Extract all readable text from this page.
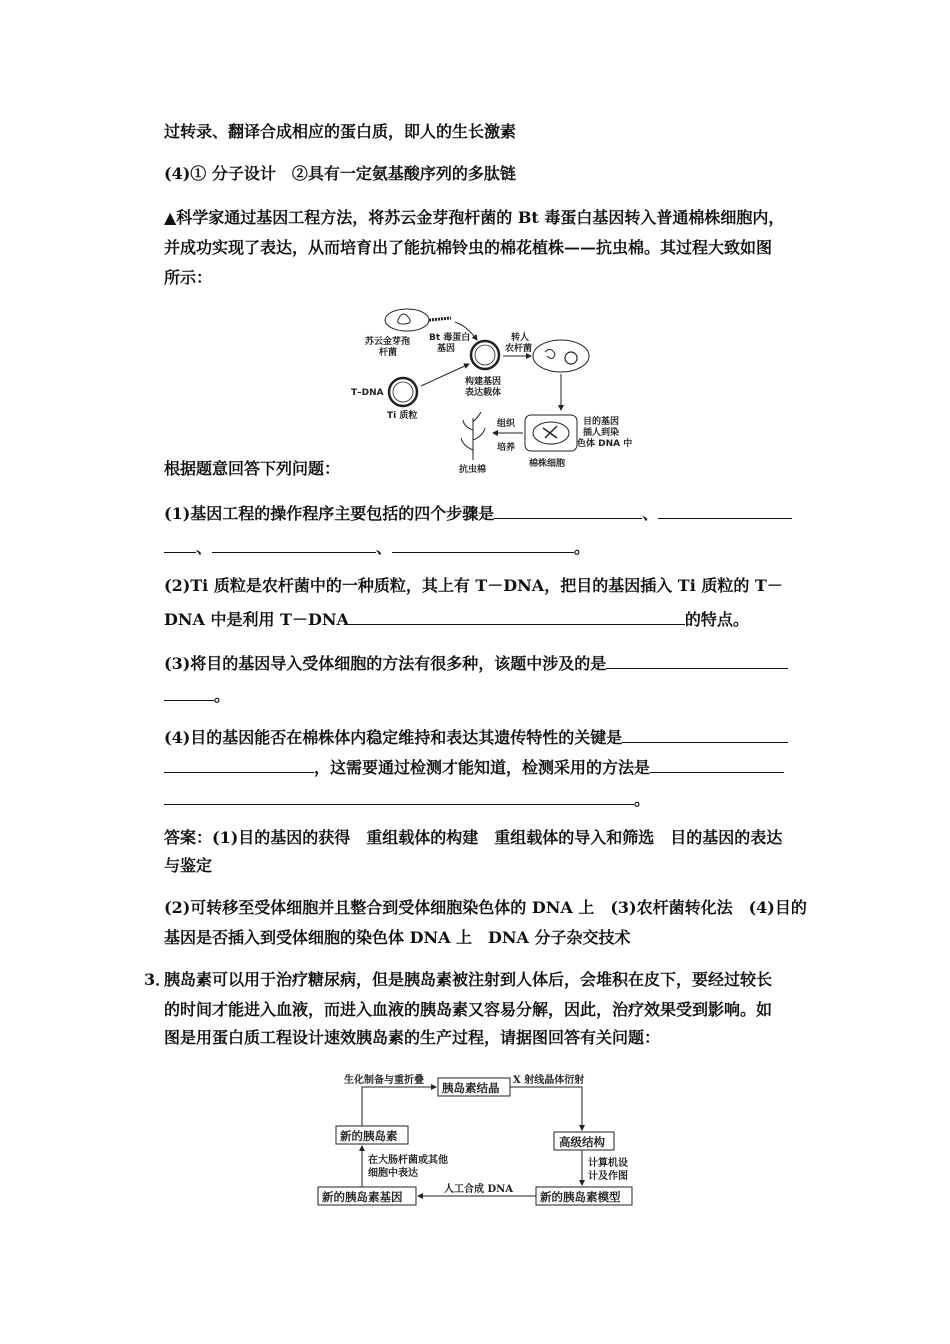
过转录、翻译合成相应的蛋白质，即人的生长激素
(4)① 分子设计　②具有一定氨基酸序列的多肽链
▲科学家通过基因工程方法，将苏云金芽孢杆菌的 Bt 毒蛋白基因转入普通棉株细胞内，
并成功实现了表达，从而培育出了能抗棉铃虫的棉花植株——抗虫棉。其过程大致如图
所示：
苏云金芽孢
杆菌
Bt 毒蛋白
基因
构建基因
表达载体
转人
农杆菌
T–DNA
Ti 质粒
棉株细胞
目的基因
插人到染
色体 DNA 中
组织
培养
抗虫棉
根据题意回答下列问题：
(1)基因工程的操作程序主要包括的四个步骤是	、
、	、	。
(2)Ti 质粒是农杆菌中的一种质粒，其上有 T－DNA，把目的基因插入 Ti 质粒的 T－
DNA 中是利用 T－DNA	的特点。
(3)将目的基因导入受体细胞的方法有很多种，该题中涉及的是
。
(4)目的基因能否在棉株体内稳定维持和表达其遗传特性的关键是
，这需要通过检测才能知道，检测采用的方法是
。
答案：(1)目的基因的获得　重组载体的构建　重组载体的导入和筛选　目的基因的表达
与鉴定
(2)可转移至受体细胞并且整合到受体细胞染色体的 DNA 上　(3)农杆菌转化法　(4)目的
基因是否插入到受体细胞的染色体 DNA 上　DNA 分子杂交技术
3．
胰岛素可以用于治疗糖尿病，但是胰岛素被注射到人体后，会堆积在皮下，要经过较长
的时间才能进入血液，而进入血液的胰岛素又容易分解，因此，治疗效果受到影响。如
图是用蛋白质工程设计速效胰岛素的生产过程，请据图回答有关问题：
胰岛素结晶
高级结构
新的胰岛素模型
新的胰岛素基因
新的胰岛素
X 射线晶体衍射
生化制备与重折叠
计算机设
计及作图
人工合成 DNA
在大肠杆菌或其他
细胞中表达
